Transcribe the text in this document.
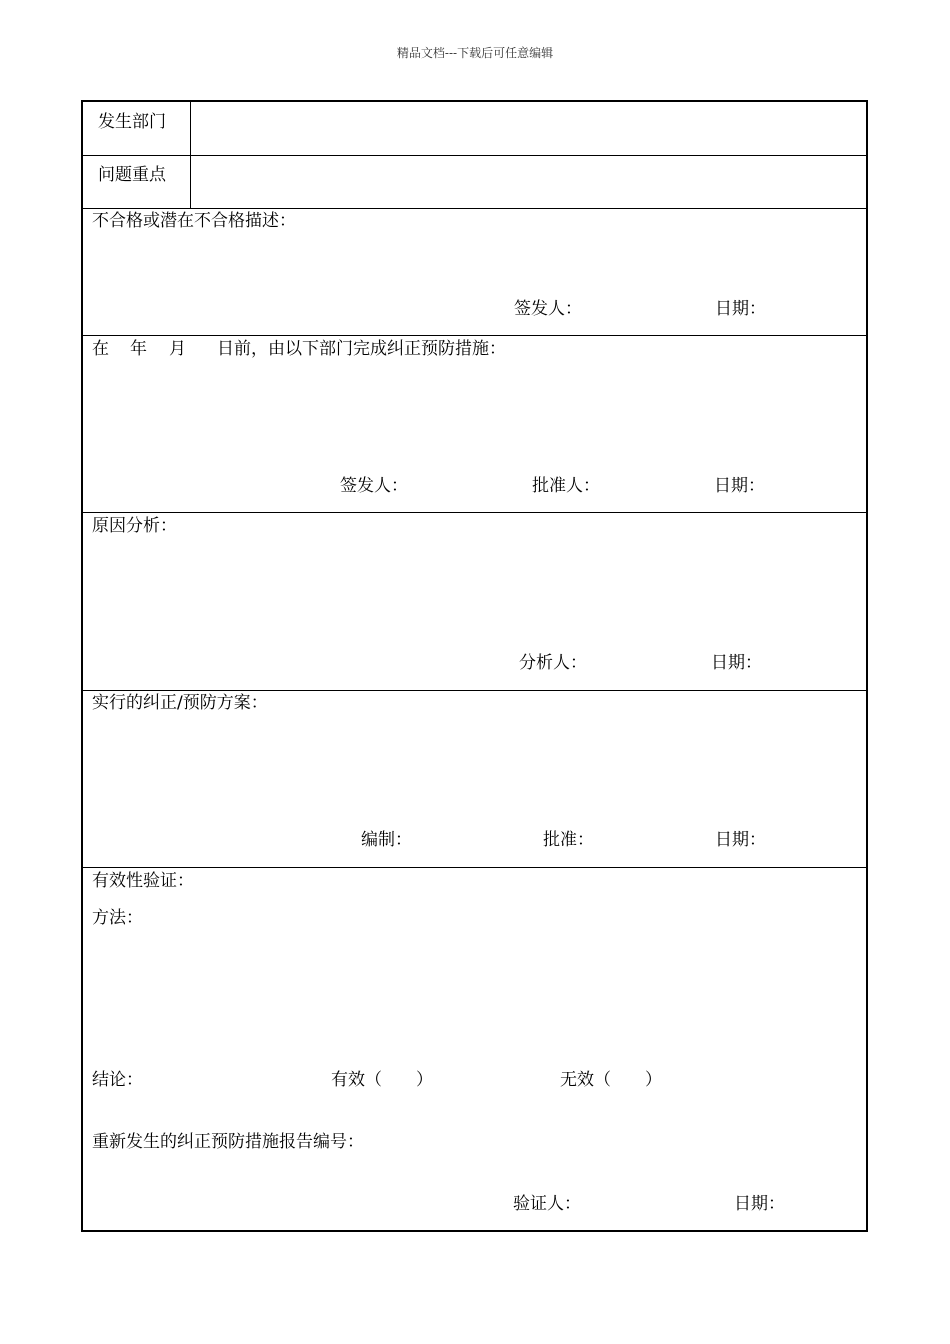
精品文档---下载后可任意编辑
发生部门
问题重点
不合格或潜在不合格描述：
签发人：	日期：
在 年 月 日前，由以下部门完成纠正预防措施：
签发人：	批准人：	日期：
原因分析：
分析人：	日期：
实行的纠正/预防方案：
编制：	批准：	日期：
有效性验证：
方法：
结论：	有效（　　）	无效（　　）
重新发生的纠正预防措施报告编号：
验证人：	日期：
